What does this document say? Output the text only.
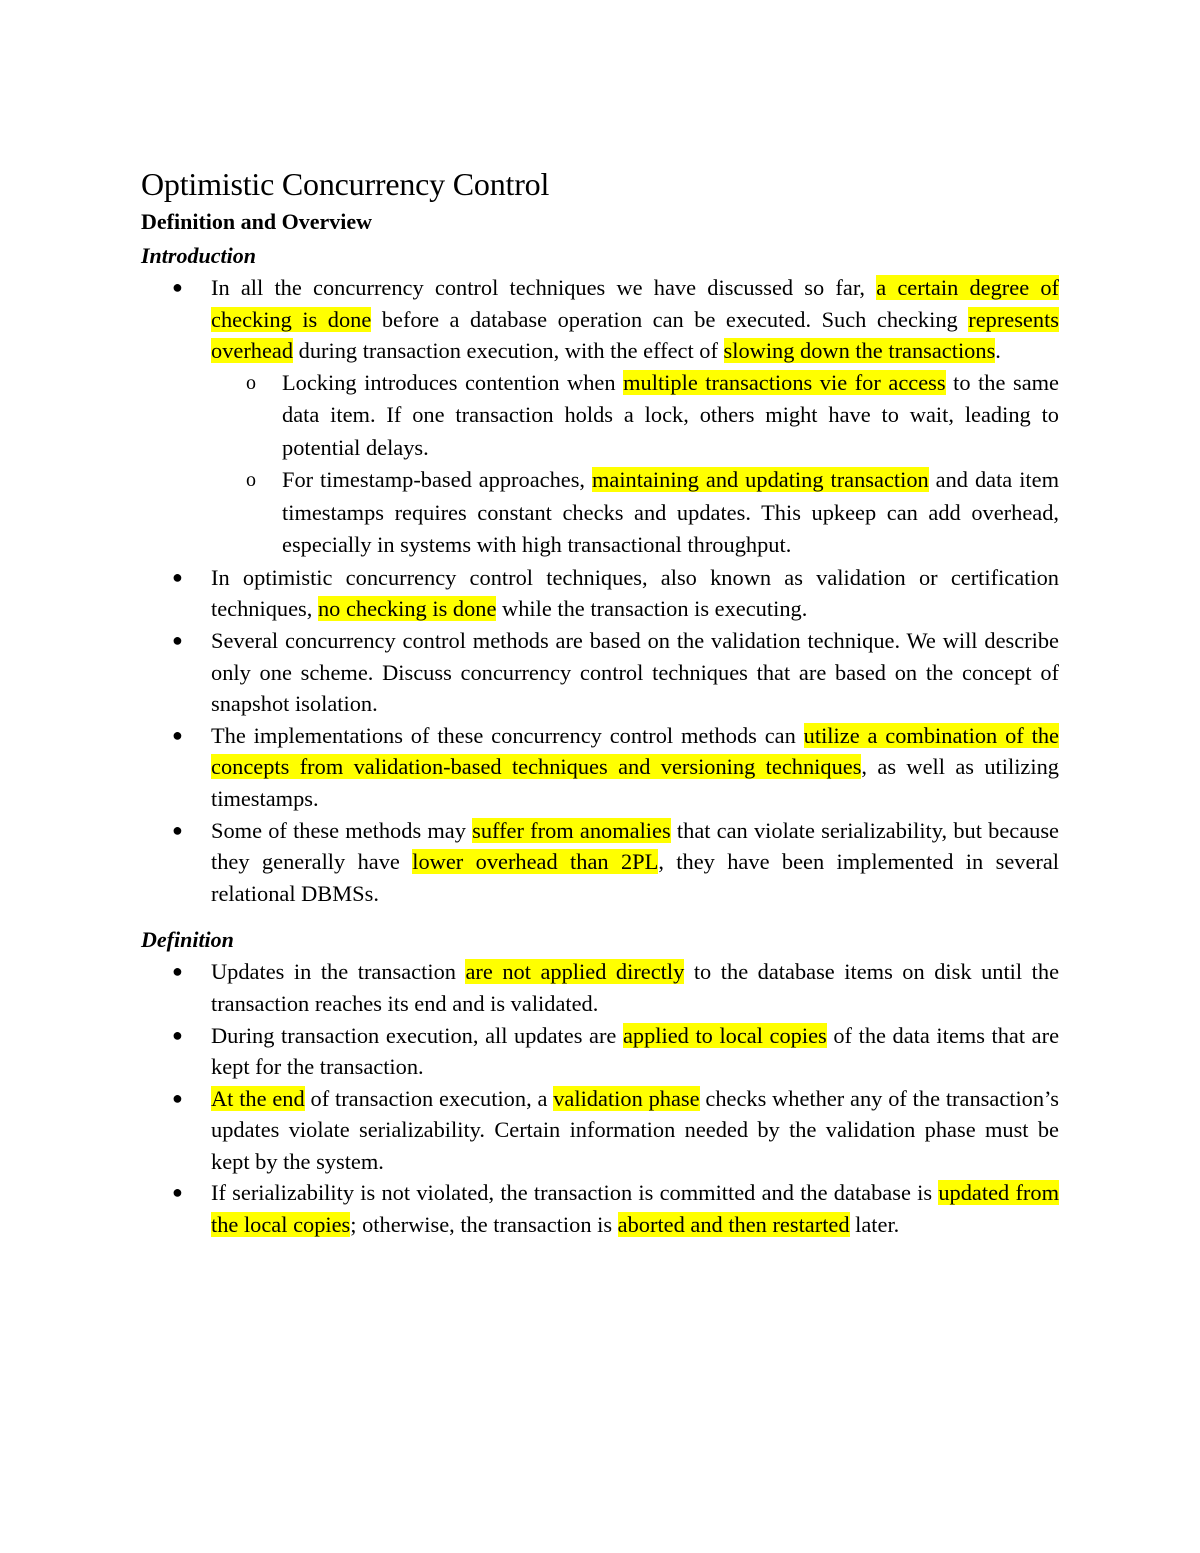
Optimistic Concurrency Control
Definition and Overview
Introduction
● In all the concurrency control techniques we have discussed so far, a certain degree of checking is done before a database operation can be executed. Such checking represents overhead during transaction execution, with the effect of slowing down the transactions.
o Locking introduces contention when multiple transactions vie for access to the same data item. If one transaction holds a lock, others might have to wait, leading to potential delays.
o For timestamp-based approaches, maintaining and updating transaction and data item timestamps requires constant checks and updates. This upkeep can add overhead, especially in systems with high transactional throughput.
● In optimistic concurrency control techniques, also known as validation or certification techniques, no checking is done while the transaction is executing.
● Several concurrency control methods are based on the validation technique. We will describe only one scheme. Discuss concurrency control techniques that are based on the concept of snapshot isolation.
● The implementations of these concurrency control methods can utilize a combination of the concepts from validation-based techniques and versioning techniques, as well as utilizing timestamps.
● Some of these methods may suffer from anomalies that can violate serializability, but because they generally have lower overhead than 2PL, they have been implemented in several relational DBMSs.
Definition
● Updates in the transaction are not applied directly to the database items on disk until the transaction reaches its end and is validated.
● During transaction execution, all updates are applied to local copies of the data items that are kept for the transaction.
● At the end of transaction execution, a validation phase checks whether any of the transaction’s updates violate serializability. Certain information needed by the validation phase must be kept by the system.
● If serializability is not violated, the transaction is committed and the database is updated from the local copies; otherwise, the transaction is aborted and then restarted later.
